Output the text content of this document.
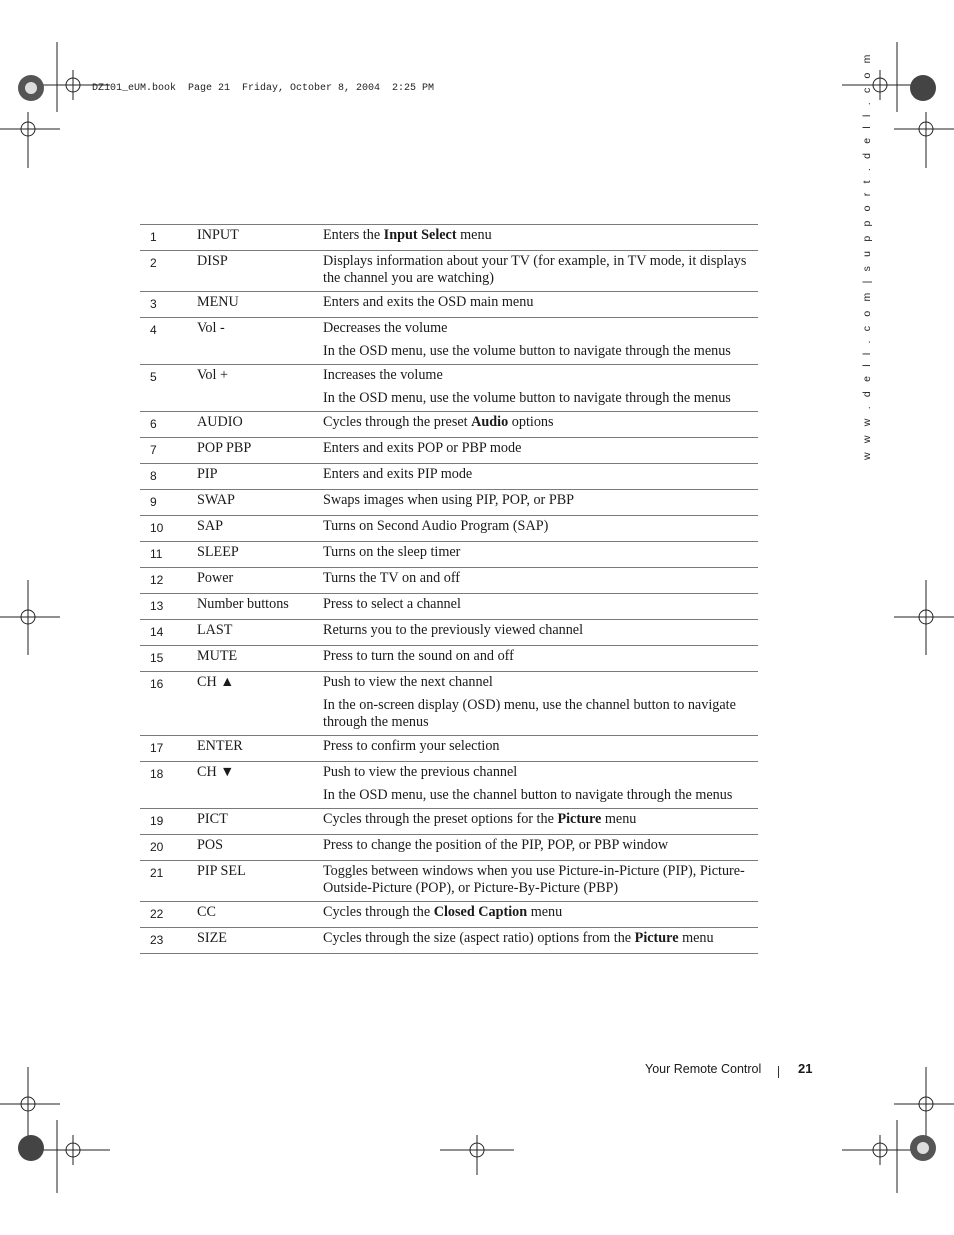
DZ101_eUM.book  Page 21  Friday, October 8, 2004  2:25 PM	w w w . d e l l . c o m | s u p p o r t . d e l l . c o m
1	INPUT	Enters the Input Select menu

2	DISP	Displays information about your TV (for example, in TV mode, it displays the channel you are watching)

3	MENU	Enters and exits the OSD main menu

4	Vol -	Decreases the volume
In the OSD menu, use the volume button to navigate through the menus

5	Vol +	Increases the volume
In the OSD menu, use the volume button to navigate through the menus

6	AUDIO	Cycles through the preset Audio options

7	POP PBP	Enters and exits POP or PBP mode

8	PIP	Enters and exits PIP mode

9	SWAP	Swaps images when using PIP, POP, or PBP

10	SAP	Turns on Second Audio Program (SAP)

11	SLEEP	Turns on the sleep timer

12	Power	Turns the TV on and off

13	Number buttons	Press to select a channel

14	LAST	Returns you to the previously viewed channel

15	MUTE	Press to turn the sound on and off

16	CH ▲	Push to view the next channel
In the on-screen display (OSD) menu, use the channel button to navigate through the menus

17	ENTER	Press to confirm your selection

18	CH ▼	Push to view the previous channel
In the OSD menu, use the channel button to navigate through the menus

19	PICT	Cycles through the preset options for the Picture menu

20	POS	Press to change the position of the PIP, POP, or PBP window

21	PIP SEL	Toggles between windows when you use Picture-in-Picture (PIP), Picture-Outside-Picture (POP), or Picture-By-Picture (PBP)

22	CC	Cycles through the Closed Caption menu

23	SIZE	Cycles through the size (aspect ratio) options from the Picture menu
Your Remote Control	21
